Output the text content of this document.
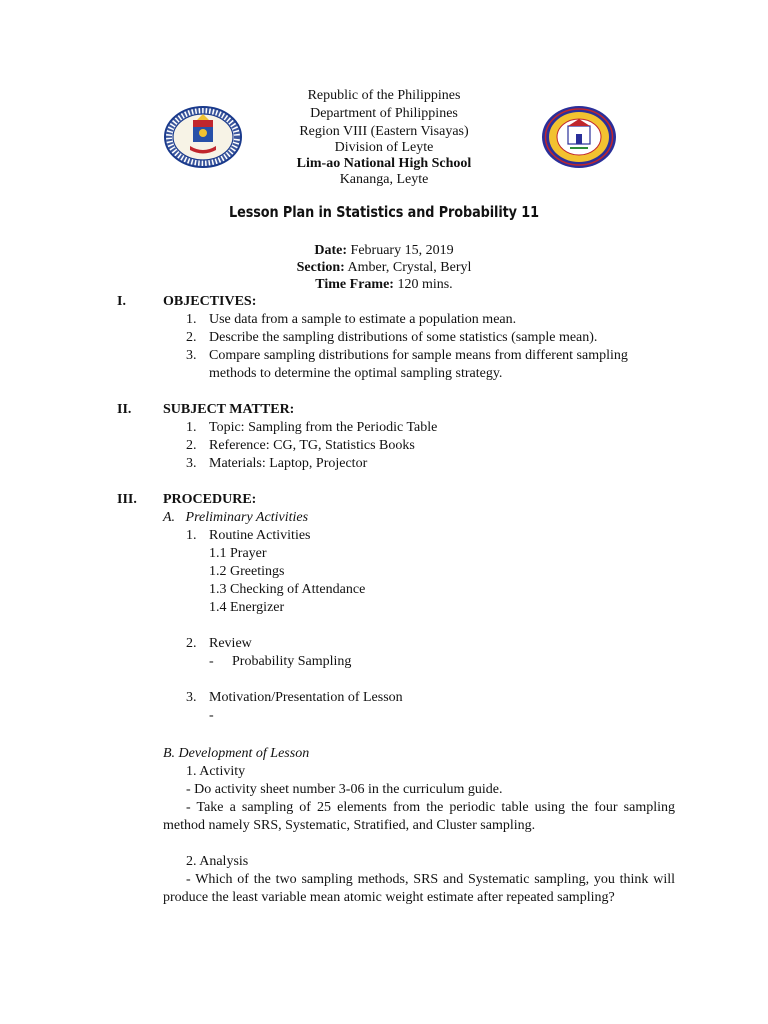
Republic of the Philippines
Department of Philippines
Region VIII (Eastern Visayas)
Division of Leyte
Lim-ao National High School
Kananga, Leyte
Lesson Plan in Statistics and Probability 11
Date: February 15, 2019
Section: Amber, Crystal, Beryl
Time Frame: 120 mins.
I.	OBJECTIVES:
1. Use data from a sample to estimate a population mean.
2. Describe the sampling distributions of some statistics (sample mean).
3. Compare sampling distributions for sample means from different sampling
methods to determine the optimal sampling strategy.
II. SUBJECT MATTER:
1. Topic: Sampling from the Periodic Table
2. Reference: CG, TG, Statistics Books
3. Materials: Laptop, Projector
III. PROCEDURE:
A.   Preliminary Activities
1. Routine Activities
1.1 Prayer
1.2 Greetings
1.3 Checking of Attendance
1.4 Energizer
2. Review
- Probability Sampling
3. Motivation/Presentation of Lesson
-
B. Development of Lesson
1. Activity
- Do activity sheet number 3-06 in the curriculum guide.
- Take a sampling of 25 elements from the periodic table using the four sampling method namely SRS, Systematic, Stratified, and Cluster sampling.
2. Analysis
- Which of the two sampling methods, SRS and Systematic sampling, you think will produce the least variable mean atomic weight estimate after repeated sampling?
